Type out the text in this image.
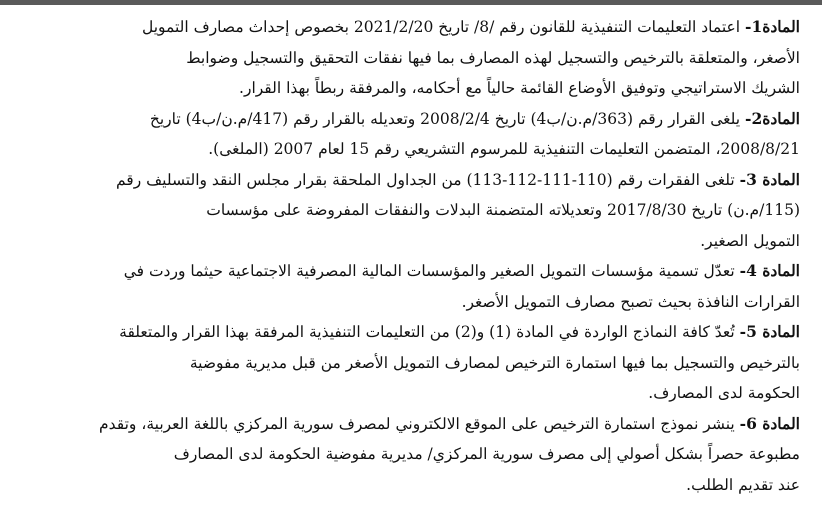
المادة1- اعتماد التعليمات التنفيذية للقانون رقم /8/ تاريخ 2021/2/20 بخصوص إحداث مصارف التمويل

الأصغر، والمتعلقة بالترخيص والتسجيل لهذه المصارف بما فيها نفقات التحقيق والتسجيل وضوابط

الشريك الاستراتيجي وتوفيق الأوضاع القائمة حالياً مع أحكامه، والمرفقة ربطاً بهذا القرار.

المادة2- يلغى القرار رقم (363/م.ن/ب4) تاريخ 2008/2/4 وتعديله بالقرار رقم (417/م.ن/ب4) تاريخ

2008/8/21، المتضمن التعليمات التنفيذية للمرسوم التشريعي رقم 15 لعام 2007 (الملغى).

المادة 3- تلغى الفقرات رقم (110-111-112-113) من الجداول الملحقة بقرار مجلس النقد والتسليف رقم

(115/م.ن) تاريخ 2017/8/30 وتعديلاته المتضمنة البدلات والنفقات المفروضة على مؤسسات

التمويل الصغير.

المادة 4- تعدّل تسمية مؤسسات التمويل الصغير والمؤسسات المالية المصرفية الاجتماعية حيثما وردت في

القرارات النافذة بحيث تصبح مصارف التمويل الأصغر.

المادة 5- تُعدّ كافة النماذج الواردة في المادة (1) و(2) من التعليمات التنفيذية المرفقة بهذا القرار والمتعلقة

بالترخيص والتسجيل بما فيها استمارة الترخيص لمصارف التمويل الأصغر من قبل مديرية مفوضية

الحكومة لدى المصارف.

المادة 6- ينشر نموذج استمارة الترخيص على الموقع الالكتروني لمصرف سورية المركزي باللغة العربية، وتقدم

مطبوعة حصراً بشكل أصولي إلى مصرف سورية المركزي/ مديرية مفوضية الحكومة لدى المصارف

عند تقديم الطلب.
